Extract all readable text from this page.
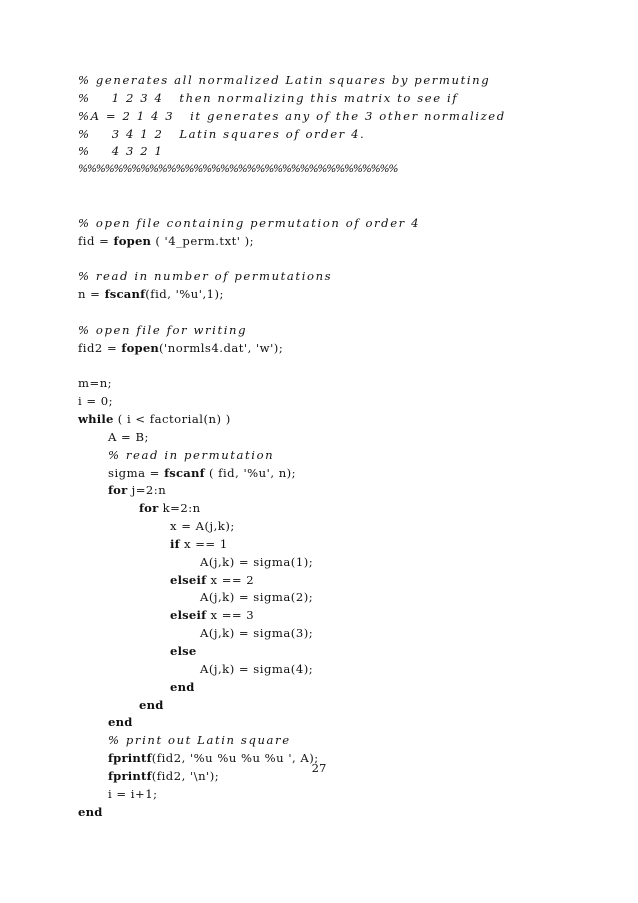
% generates all normalized Latin squares by permuting
%    1 2 3 4   then normalizing this matrix to see if
%A = 2 1 4 3   it generates any of the 3 other normalized
%    3 4 1 2   Latin squares of order 4.
%    4 3 2 1
%%%%%%%%%%%%%%%%%%%%%%%%%%%%%%%%%%%%
% open file containing permutation of order 4
fid = fopen ( '4_perm.txt' );
% read in number of permutations
n = fscanf(fid, '%u',1);
% open file for writing
fid2 = fopen('normls4.dat', 'w');
m=n;
i = 0;
while ( i < factorial(n) )
A = B;
% read in permutation
sigma = fscanf ( fid, '%u', n);
for j=2:n
for k=2:n
x = A(j,k);
if x == 1
A(j,k) = sigma(1);
elseif x == 2
A(j,k) = sigma(2);
elseif x == 3
A(j,k) = sigma(3);
else
A(j,k) = sigma(4);
end
end
end
% print out Latin square
fprintf(fid2, '%u %u %u %u ', A);
fprintf(fid2, '\n');
i = i+1;
end
27
